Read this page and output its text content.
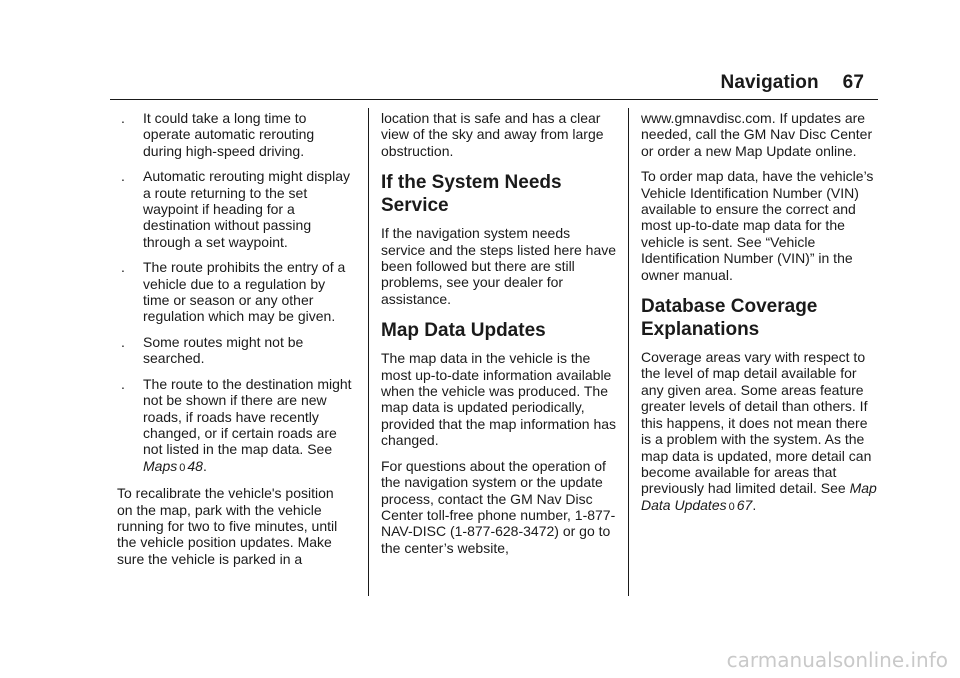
Navigation 67
. It could take a long time to operate automatic rerouting during high-speed driving.
. Automatic rerouting might display a route returning to the set waypoint if heading for a destination without passing through a set waypoint.
. The route prohibits the entry of a vehicle due to a regulation by time or season or any other regulation which may be given.
. Some routes might not be searched.
. The route to the destination might not be shown if there are new roads, if roads have recently changed, or if certain roads are not listed in the map data. See Maps 0 48.

To recalibrate the vehicle's position on the map, park with the vehicle running for two to five minutes, until the vehicle position updates. Make sure the vehicle is parked in a

location that is safe and has a clear view of the sky and away from large obstruction.

If the System Needs Service

If the navigation system needs service and the steps listed here have been followed but there are still problems, see your dealer for assistance.

Map Data Updates

The map data in the vehicle is the most up-to-date information available when the vehicle was produced. The map data is updated periodically, provided that the map information has changed.

For questions about the operation of the navigation system or the update process, contact the GM Nav Disc Center toll-free phone number, 1-877-NAV-DISC (1-877-628-3472) or go to the center’s website,

www.gmnavdisc.com. If updates are needed, call the GM Nav Disc Center or order a new Map Update online.

To order map data, have the vehicle’s Vehicle Identification Number (VIN) available to ensure the correct and most up-to-date map data for the vehicle is sent. See “Vehicle Identification Number (VIN)” in the owner manual.

Database Coverage Explanations

Coverage areas vary with respect to the level of map detail available for any given area. Some areas feature greater levels of detail than others. If this happens, it does not mean there is a problem with the system. As the map data is updated, more detail can become available for areas that previously had limited detail. See Map Data Updates 0 67.

carmanualsonline.info
